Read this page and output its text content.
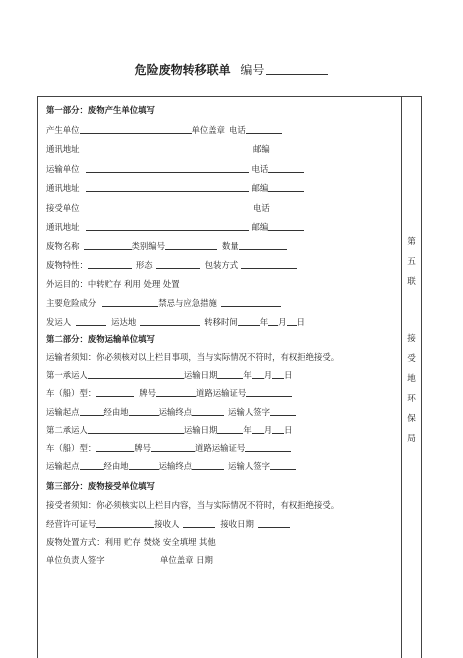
危险废物转移联单 编号
第一部分：废物产生单位填写
产生单位	单位盖章 电话
通讯地址	邮编
运输单位	电话
通讯地址	邮编
接受单位	电话
通讯地址	邮编
废物名称	类别编号	数量
废物特性：	形态	包装方式
外运目的：中转贮存 利用 处理 处置
主要危险成分	禁忌与应急措施
发运人	运达地	转移时间	年 月 日
第二部分：废物运输单位填写
运输者须知：你必须核对以上栏目事项，当与实际情况不符时，有权拒绝接受。
第一承运人	运输日期	年 月 日
车（船）型：	牌号	道路运输证号
运输起点	经由地	运输终点	运输人签字
第二承运人	运输日期	年 月 日
车（船）型：	牌号	道路运输证号
运输起点	经由地	运输终点	运输人签字
第三部分：废物接受单位填写
接受者须知：你必须核实以上栏目内容，当与实际情况不符时，有权拒绝接受。
经营许可证号	接收人	接收日期
废物处置方式：利用 贮存 焚烧 安全填埋 其他
单位负责人签字	单位盖章 日期
第
五
联
接
受
地
环
保
局
